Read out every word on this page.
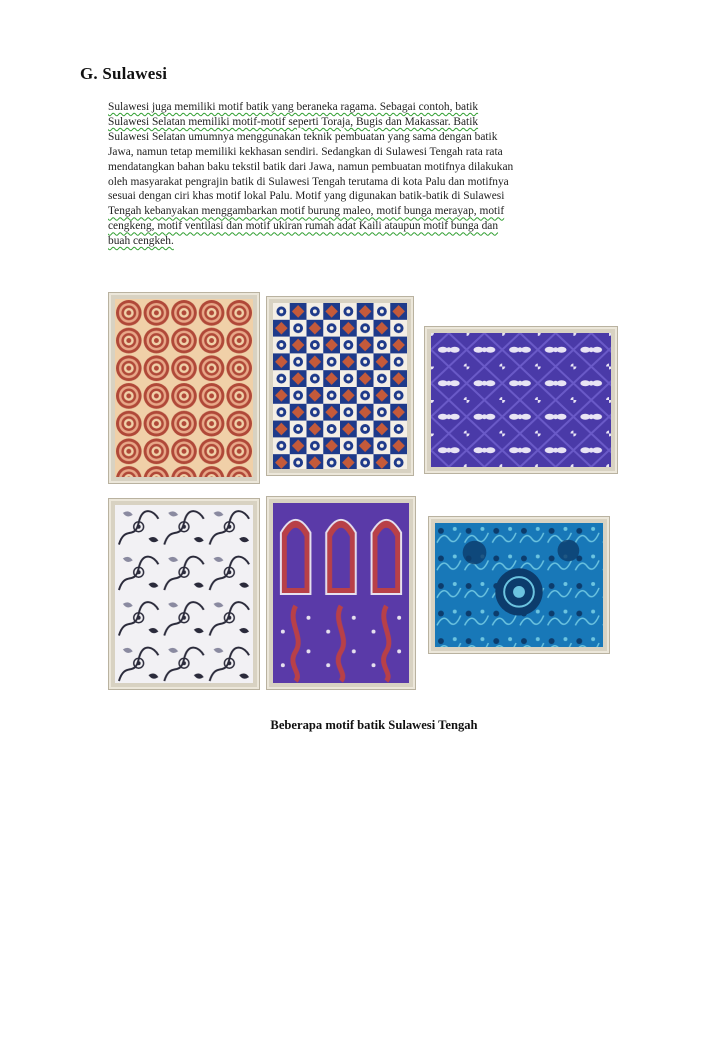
G. Sulawesi

Sulawesi juga memiliki motif batik yang beraneka ragama. Sebagai contoh, batik

Sulawesi Selatan memiliki motif-motif seperti Toraja, Bugis dan Makassar. Batik

Sulawesi Selatan umumnya menggunakan teknik pembuatan yang sama dengan batik

Jawa, namun tetap memiliki kekhasan sendiri. Sedangkan di Sulawesi Tengah rata rata

mendatangkan bahan baku tekstil batik dari Jawa, namun pembuatan motifnya dilakukan

oleh masyarakat pengrajin batik di Sulawesi Tengah terutama di kota Palu dan motifnya

sesuai dengan ciri khas motif lokal Palu. Motif yang digunakan batik-batik di Sulawesi

Tengah kebanyakan menggambarkan motif burung maleo, motif bunga merayap, motif

cengkeng, motif ventilasi dan motif ukiran rumah adat Kaili ataupun motif bunga dan

buah cengkeh.

Beberapa motif batik Sulawesi Tengah
